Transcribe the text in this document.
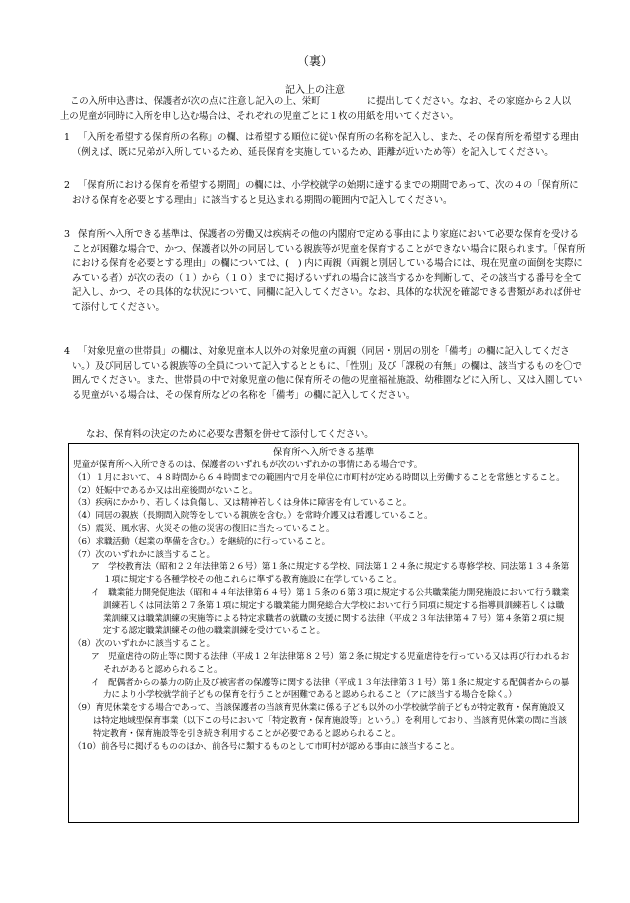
（裏）
記入上の注意
この入所申込書は、保護者が次の点に注意し記入の上、栄町　　　　　に提出してください。なお、その家庭から２人以上の児童が同時に入所を申し込む場合は、それぞれの児童ごとに１枚の用紙を用いてください。
1 「入所を希望する保育所の名称」の欄、は希望する順位に従い保育所の名称を記入し、また、その保育所を希望する理由（例えば、既に兄弟が入所しているため、延長保育を実施しているため、距離が近いため等）を記入してください。
2 「保育所における保育を希望する期間」の欄には、小学校就学の始期に達するまでの期間であって、次の４の「保育所における保育を必要とする理由」に該当すると見込まれる期間の範囲内で記入してください。
3 保育所へ入所できる基準は、保護者の労働又は疾病その他の内閣府で定める事由により家庭において必要な保育を受けることが困難な場合で、かつ、保護者以外の同居している親族等が児童を保育することができない場合に限られます。「保育所における保育を必要とする理由」の欄については、(　) 内に両親（両親と別居している場合には、現在児童の面倒を実際にみている者）が次の表の（１）から（１０）までに掲げるいずれの場合に該当するかを判断して、その該当する番号を全て記入し、かつ、その具体的な状況について、同欄に記入してください。なお、具体的な状況を確認できる書類があれば併せて添付してください。
4 「対象児童の世帯員」の欄は、対象児童本人以外の対象児童の両親（同居・別居の別を「備考」の欄に記入してください。）及び同居している親族等の全員について記入するとともに、「性別」及び「課税の有無」の欄は、該当するものを〇で囲んでください。また、世帯員の中で対象児童の他に保育所その他の児童福祉施設、幼稚園などに入所し、又は入園している児童がいる場合は、その保育所などの名称を「備考」の欄に記入してください。
なお、保育料の決定のために必要な書類を併せて添付してください。
保育所へ入所できる基準
児童が保育所へ入所できるのは、保護者のいずれもが次のいずれかの事情にある場合です。
（1）１月において、４８時間から６４時間までの範囲内で月を単位に市町村が定める時間以上労働することを常態とすること。
（2）妊娠中であるか又は出産後間がないこと。
（3）疾病にかかり、若しくは負傷し、又は精神若しくは身体に障害を有していること。
（4）同居の親族（長期間入院等をしている親族を含む。）を常時介護又は看護していること。
（5）震災、風水害、火災その他の災害の復旧に当たっていること。
（6）求職活動（起業の準備を含む。）を継続的に行っていること。
（7）次のいずれかに該当すること。
ア　学校教育法（昭和２２年法律第２６号）第１条に規定する学校、同法第１２４条に規定する専修学校、同法第１３４条第１項に規定する各種学校その他これらに準ずる教育施設に在学していること。
イ　職業能力開発促進法（昭和４４年法律第６４号）第１５条の６第３項に規定する公共職業能力開発施設において行う職業訓練若しくは同法第２７条第１項に規定する職業能力開発総合大学校において行う同項に規定する指導員訓練若しくは職業訓練又は職業訓練の実施等による特定求職者の就職の支援に関する法律（平成２３年法律第４７号）第４条第２項に規定する認定職業訓練その他の職業訓練を受けていること。
（8）次のいずれかに該当すること。
ア　児童虐待の防止等に関する法律（平成１２年法律第８２号）第２条に規定する児童虐待を行っている又は再び行われるおそれがあると認められること。
イ　配偶者からの暴力の防止及び被害者の保護等に関する法律（平成１３年法律第３１号）第１条に規定する配偶者からの暴力により小学校就学前子どもの保育を行うことが困難であると認められること（アに該当する場合を除く。）
（9）育児休業をする場合であって、当該保護者の当該育児休業に係る子ども以外の小学校就学前子どもが特定教育・保育施設又は特定地域型保育事業（以下この号において「特定教育・保育施設等」という。）を利用しており、当該育児休業の間に当該特定教育・保育施設等を引き続き利用することが必要であると認められること。
（10）前各号に掲げるもののほか、前各号に類するものとして市町村が認める事由に該当すること。
